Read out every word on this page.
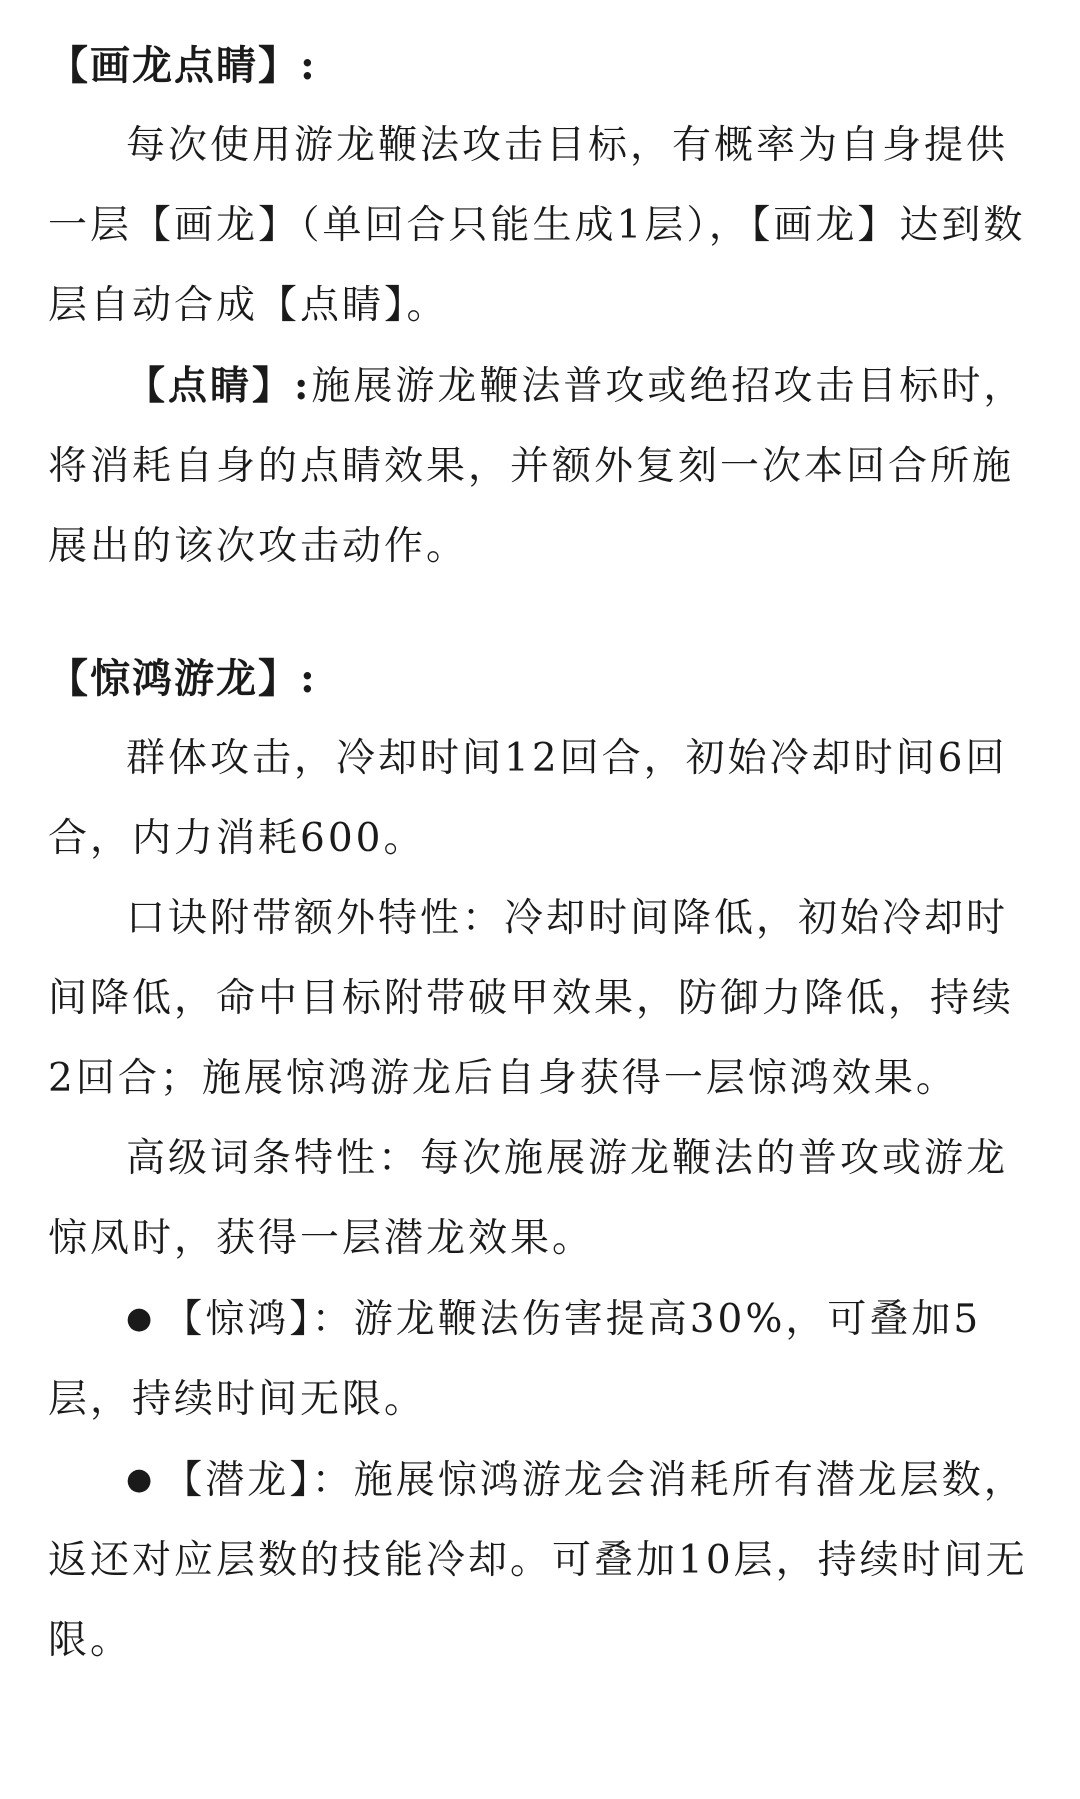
【画龙点睛】:

每次使用游龙鞭法攻击目标，有概率为自身提供一层【画龙】（单回合只能生成1层），【画龙】达到数层自动合成【点睛】。

【点睛】:施展游龙鞭法普攻或绝招攻击目标时，将消耗自身的点睛效果，并额外复刻一次本回合所施展出的该次攻击动作。

【惊鸿游龙】:

群体攻击，冷却时间12回合，初始冷却时间6回合，内力消耗600。

口诀附带额外特性：冷却时间降低，初始冷却时间降低，命中目标附带破甲效果，防御力降低，持续2回合；施展惊鸿游龙后自身获得一层惊鸿效果。

高级词条特性：每次施展游龙鞭法的普攻或游龙惊凤时，获得一层潜龙效果。

● 【惊鸿】：游龙鞭法伤害提高30%，可叠加5层，持续时间无限。

● 【潜龙】：施展惊鸿游龙会消耗所有潜龙层数，返还对应层数的技能冷却。可叠加10层，持续时间无限。
